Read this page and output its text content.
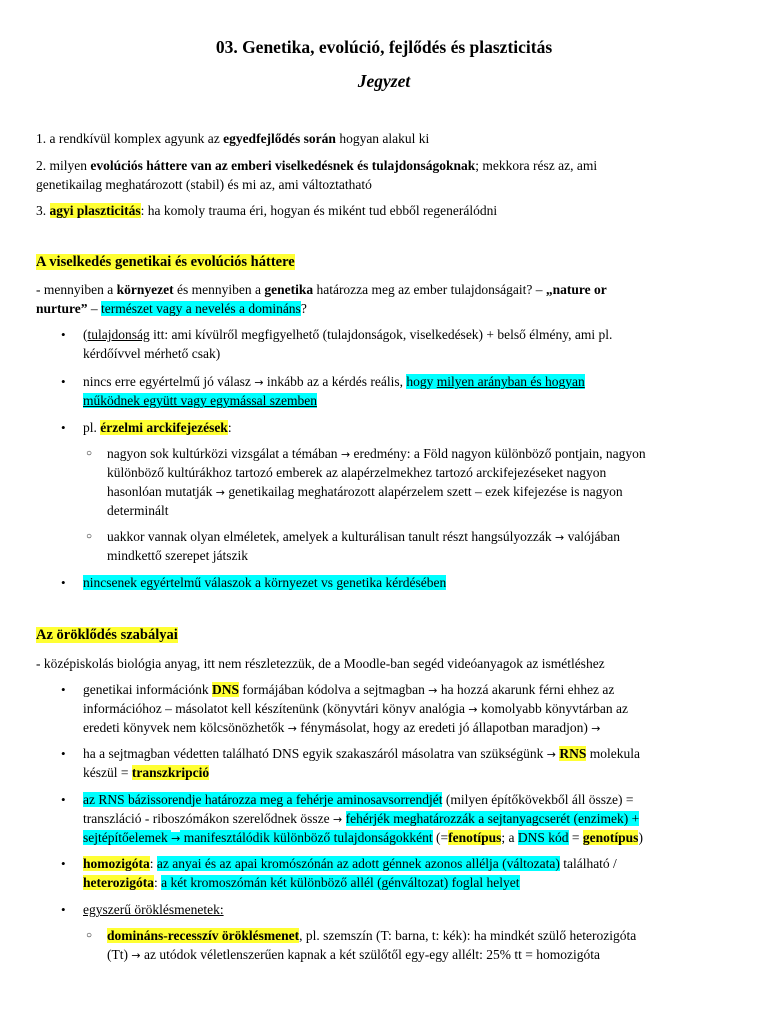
03. Genetika, evolúció, fejlődés és plaszticitás
Jegyzet
1. a rendkívül komplex agyunk az egyedfejlődés során hogyan alakul ki
2. milyen evolúciós háttere van az emberi viselkedésnek és tulajdonságoknak; mekkora rész az, ami
genetikailag meghatározott (stabil) és mi az, ami változtatható
3. agyi plaszticitás: ha komoly trauma éri, hogyan és miként tud ebből regenerálódni
A viselkedés genetikai és evolúciós háttere
- mennyiben a környezet és mennyiben a genetika határozza meg az ember tulajdonságait? – „nature or
nurture” – természet vagy a nevelés a domináns?
• (tulajdonság itt: ami kívülről megfigyelhető (tulajdonságok, viselkedések) + belső élmény, ami pl.
kérdőívvel mérhető csak)
• nincs erre egyértelmű jó válasz → inkább az a kérdés reális, hogy milyen arányban és hogyan
működnek együtt vagy egymással szemben
• pl. érzelmi arckifejezések:
○ nagyon sok kultúrközi vizsgálat a témában → eredmény: a Föld nagyon különböző pontjain, nagyon
különböző kultúrákhoz tartozó emberek az alapérzelmekhez tartozó arckifejezéseket nagyon
hasonlóan mutatják → genetikailag meghatározott alapérzelem szett – ezek kifejezése is nagyon
determinált
○ uakkor vannak olyan elméletek, amelyek a kulturálisan tanult részt hangsúlyozzák → valójában
mindkettő szerepet játszik
• nincsenek egyértelmű válaszok a környezet vs genetika kérdésében
Az öröklődés szabályai
- középiskolás biológia anyag, itt nem részletezzük, de a Moodle-ban segéd videóanyagok az ismétléshez
• genetikai információnk DNS formájában kódolva a sejtmagban → ha hozzá akarunk férni ehhez az
információhoz – másolatot kell készítenünk (könyvtári könyv analógia → komolyabb könyvtárban az
eredeti könyvek nem kölcsönözhetők → fénymásolat, hogy az eredeti jó állapotban maradjon) →
• ha a sejtmagban védetten található DNS egyik szakaszáról másolatra van szükségünk → RNS molekula
készül = transzkripció
• az RNS bázissorendje határozza meg a fehérje aminosavsorrendjét (milyen építőkövekből áll össze) =
transzláció - riboszómákon szerelődnek össze → fehérjék meghatározzák a sejtanyagcserét (enzimek) +
sejtépítőelemek → manifesztálódik különböző tulajdonságokként (=fenotípus; a DNS kód = genotípus)
• homozigóta: az anyai és az apai kromószónán az adott génnek azonos allélja (változata) található /
heterozigóta: a két kromoszómán két különböző allél (génváltozat) foglal helyet
• egyszerű öröklésmenetek:
○ domináns-recesszív öröklésmenet, pl. szemszín (T: barna, t: kék): ha mindkét szülő heterozigóta
(Tt) → az utódok véletlenszerűen kapnak a két szülőtől egy-egy allélt: 25% tt = homozigóta
